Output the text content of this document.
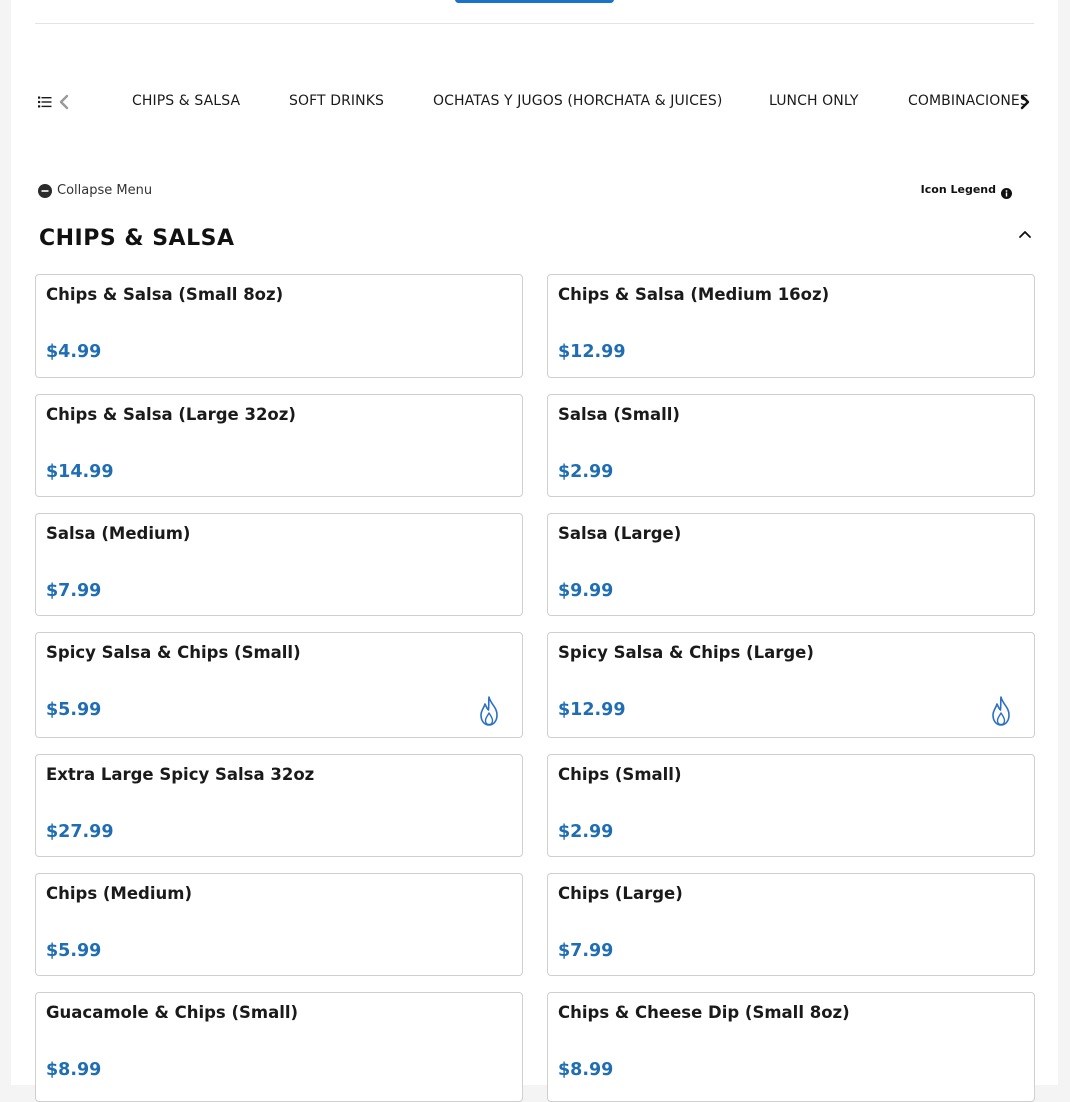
CHIPS & SALSA	SOFT DRINKS	OCHATAS Y JUGOS (HORCHATA & JUICES)	LUNCH ONLY	COMBINACIONES
Collapse Menu	Icon Legend
CHIPS & SALSA
Chips & Salsa (Small 8oz)
$4.99
Chips & Salsa (Medium 16oz)
$12.99
Chips & Salsa (Large 32oz)
$14.99
Salsa (Small)
$2.99
Salsa (Medium)
$7.99
Salsa (Large)
$9.99
Spicy Salsa & Chips (Small)
$5.99
Spicy Salsa & Chips (Large)
$12.99
Extra Large Spicy Salsa 32oz
$27.99
Chips (Small)
$2.99
Chips (Medium)
$5.99
Chips (Large)
$7.99
Guacamole & Chips (Small)
$8.99
Chips & Cheese Dip (Small 8oz)
$8.99
